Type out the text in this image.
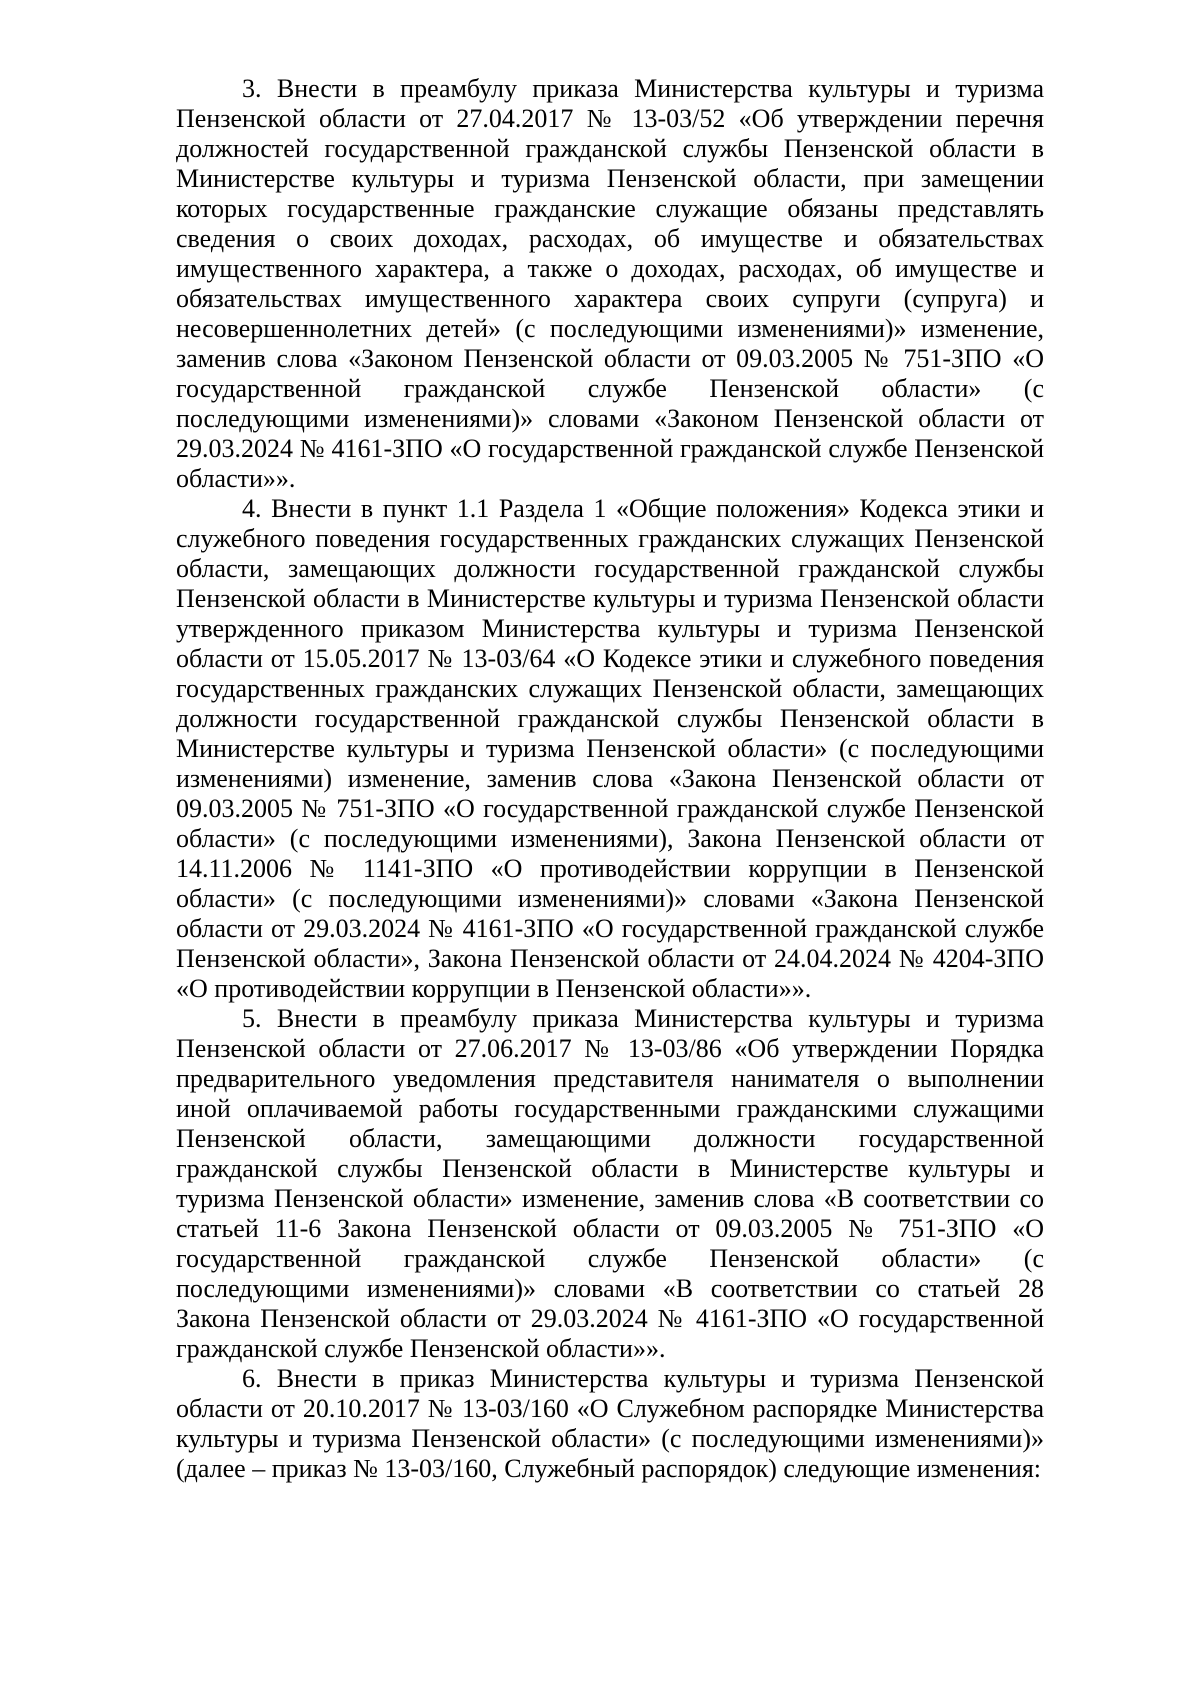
3. Внести в преамбулу приказа Министерства культуры и туризма Пензенской области от 27.04.2017 № 13-03/52 «Об утверждении перечня должностей государственной гражданской службы Пензенской области в Министерстве культуры и туризма Пензенской области, при замещении которых государственные гражданские служащие обязаны представлять сведения о своих доходах, расходах, об имуществе и обязательствах имущественного характера, а также о доходах, расходах, об имуществе и обязательствах имущественного характера своих супруги (супруга) и несовершеннолетних детей» (с последующими изменениями)» изменение, заменив слова «Законом Пензенской области от 09.03.2005 № 751-ЗПО «О государственной гражданской службе Пензенской области» (с последующими изменениями)» словами «Законом Пензенской области от 29.03.2024 № 4161-ЗПО «О государственной гражданской службе Пензенской области»».

4. Внести в пункт 1.1 Раздела 1 «Общие положения» Кодекса этики и служебного поведения государственных гражданских служащих Пензенской области, замещающих должности государственной гражданской службы Пензенской области в Министерстве культуры и туризма Пензенской области утвержденного приказом Министерства культуры и туризма Пензенской области от 15.05.2017 № 13-03/64 «О Кодексе этики и служебного поведения государственных гражданских служащих Пензенской области, замещающих должности государственной гражданской службы Пензенской области в Министерстве культуры и туризма Пензенской области» (с последующими изменениями) изменение, заменив слова «Закона Пензенской области от 09.03.2005 № 751-ЗПО «О государственной гражданской службе Пензенской области» (с последующими изменениями), Закона Пензенской области от 14.11.2006 № 1141-ЗПО «О противодействии коррупции в Пензенской области» (с последующими изменениями)» словами «Закона Пензенской области от 29.03.2024 № 4161-ЗПО «О государственной гражданской службе Пензенской области», Закона Пензенской области от 24.04.2024 № 4204-ЗПО «О противодействии коррупции в Пензенской области»».

5. Внести в преамбулу приказа Министерства культуры и туризма Пензенской области от 27.06.2017 № 13-03/86 «Об утверждении Порядка предварительного уведомления представителя нанимателя о выполнении иной оплачиваемой работы государственными гражданскими служащими Пензенской области, замещающими должности государственной гражданской службы Пензенской области в Министерстве культуры и туризма Пензенской области» изменение, заменив слова «В соответствии со статьей 11-6 Закона Пензенской области от 09.03.2005 № 751-ЗПО «О государственной гражданской службе Пензенской области» (с последующими изменениями)» словами «В соответствии со статьей 28 Закона Пензенской области от 29.03.2024 № 4161-ЗПО «О государственной гражданской службе Пензенской области»».

6. Внести в приказ Министерства культуры и туризма Пензенской области от 20.10.2017 № 13-03/160 «О Служебном распорядке Министерства культуры и туризма Пензенской области» (с последующими изменениями)» (далее – приказ № 13-03/160, Служебный распорядок) следующие изменения:
